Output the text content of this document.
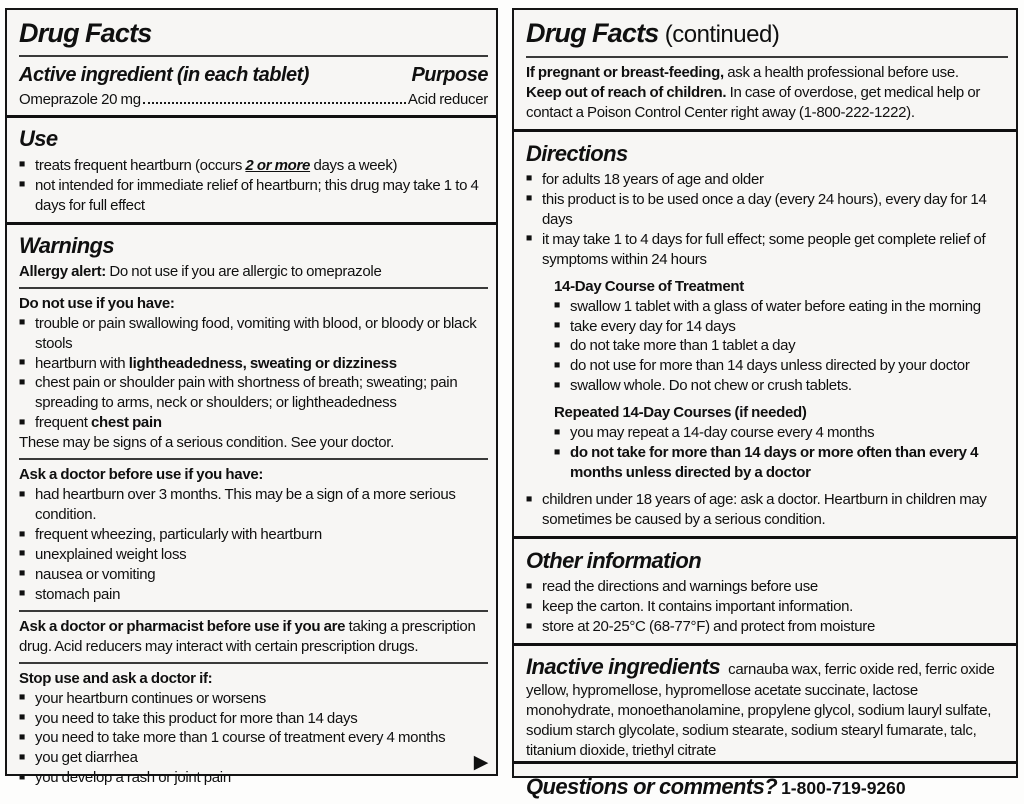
Drug Facts
Active ingredient (in each tablet)	Purpose
Omeprazole 20 mg	Acid reducer
Use
■ treats frequent heartburn (occurs 2 or more days a week)
■ not intended for immediate relief of heartburn; this drug may take 1 to 4 days for full effect
Warnings

Allergy alert: Do not use if you are allergic to omeprazole

Do not use if you have:

■ trouble or pain swallowing food, vomiting with blood, or bloody or black stools
■ heartburn with lightheadedness, sweating or dizziness
■ chest pain or shoulder pain with shortness of breath; sweating; pain spreading to arms, neck or shoulders; or lightheadedness
■ frequent chest pain

These may be signs of a serious condition. See your doctor.

Ask a doctor before use if you have:

■ had heartburn over 3 months. This may be a sign of a more serious condition.
■ frequent wheezing, particularly with heartburn
■ unexplained weight loss
■ nausea or vomiting
■ stomach pain

Ask a doctor or pharmacist before use if you are taking a prescription drug. Acid reducers may interact with certain prescription drugs.

Stop use and ask a doctor if:

■ your heartburn continues or worsens
■ you need to take this product for more than 14 days
■ you need to take more than 1 course of treatment every 4 months
■ you get diarrhea
■ you develop a rash or joint pain
▶
Drug Facts (continued)

If pregnant or breast-feeding, ask a health professional before use.

Keep out of reach of children. In case of overdose, get medical help or contact a Poison Control Center right away (1-800-222-1222).

Directions
■ for adults 18 years of age and older
■ this product is to be used once a day (every 24 hours), every day for 14 days
■ it may take 1 to 4 days for full effect; some people get complete relief of symptoms within 24 hours

14-Day Course of Treatment

■ swallow 1 tablet with a glass of water before eating in the morning
■ take every day for 14 days
■ do not take more than 1 tablet a day
■ do not use for more than 14 days unless directed by your doctor
■ swallow whole. Do not chew or crush tablets.

Repeated 14-Day Courses (if needed)

■ you may repeat a 14-day course every 4 months
■ do not take for more than 14 days or more often than every 4 months unless directed by a doctor
■ children under 18 years of age: ask a doctor. Heartburn in children may sometimes be caused by a serious condition.
Other information
■ read the directions and warnings before use
■ keep the carton. It contains important information.
■ store at 20-25°C (68-77°F) and protect from moisture

Inactive ingredients carnauba wax, ferric oxide red, ferric oxide yellow, hypromellose, hypromellose acetate succinate, lactose monohydrate, monoethanolamine, propylene glycol, sodium lauryl sulfate, sodium starch glycolate, sodium stearate, sodium stearyl fumarate, talc, titanium dioxide, triethyl citrate

Questions or comments? 1-800-719-9260
